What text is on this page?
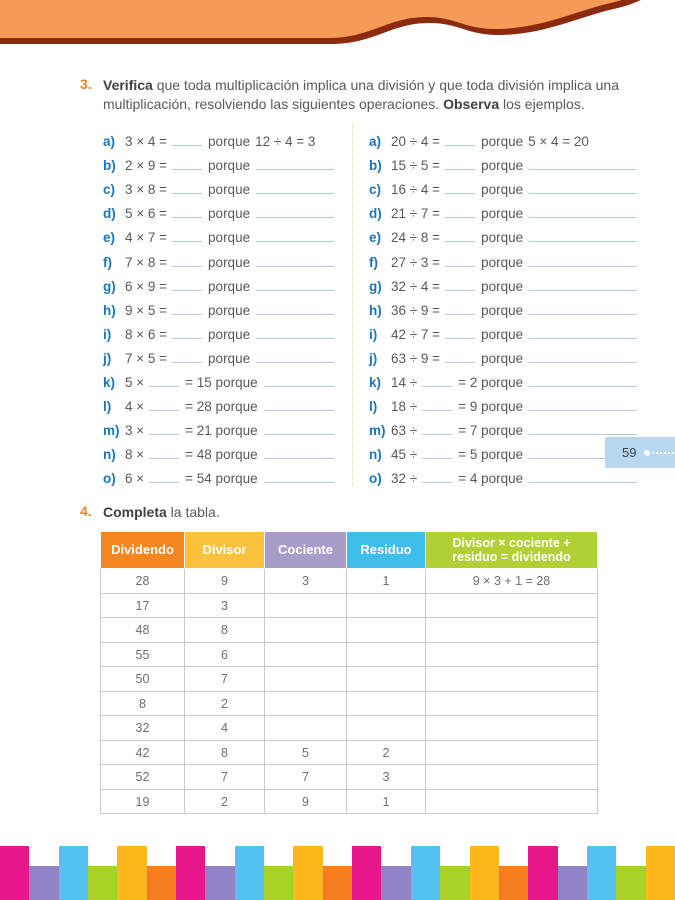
3. Verifica que toda multiplicación implica una división y que toda división implica una multiplicación, resolviendo las siguientes operaciones. Observa los ejemplos.

a) 3 × 4 =	porque 12 ÷ 4 = 3
b) 2 × 9 =	porque
c) 3 × 8 =	porque
d) 5 × 6 =	porque
e) 4 × 7 =	porque
f) 7 × 8 =	porque
g) 6 × 9 =	porque
h) 9 × 5 =	porque
i)	8 × 6 =	porque
j)	7 × 5 =	porque
k) 5 ×	= 15 porque
l)	4 ×	= 28 porque
m) 3 ×	= 21 porque
n) 8 ×	= 48 porque
o) 6 ×	= 54 porque
a) 20 ÷ 4 =	porque 5 × 4 = 20
b) 15 ÷ 5 =	porque
c) 16 ÷ 4 =	porque
d) 21 ÷ 7 =	porque
e) 24 ÷ 8 =	porque
f) 27 ÷ 3 =	porque
g) 32 ÷ 4 =	porque
h) 36 ÷ 9 =	porque
i)	42 ÷ 7 =	porque
j)	63 ÷ 9 =	porque
k) 14 ÷	= 2 porque
l)	18 ÷	= 9 porque
m) 63 ÷	= 7 porque
n) 45 ÷	= 5 porque
o) 32 ÷	= 4 porque
4. Completa la tabla.

Dividendo	Divisor	Cociente	Residuo	Divisor × cociente + residuo = dividendo
28	9	3	1	9 × 3 + 1 = 28
17	3			
48	8			
55	6			
50	7			
8	2			
32	4			
42	8	5	2	
52	7	7	3	
19	2	9	1	
59
